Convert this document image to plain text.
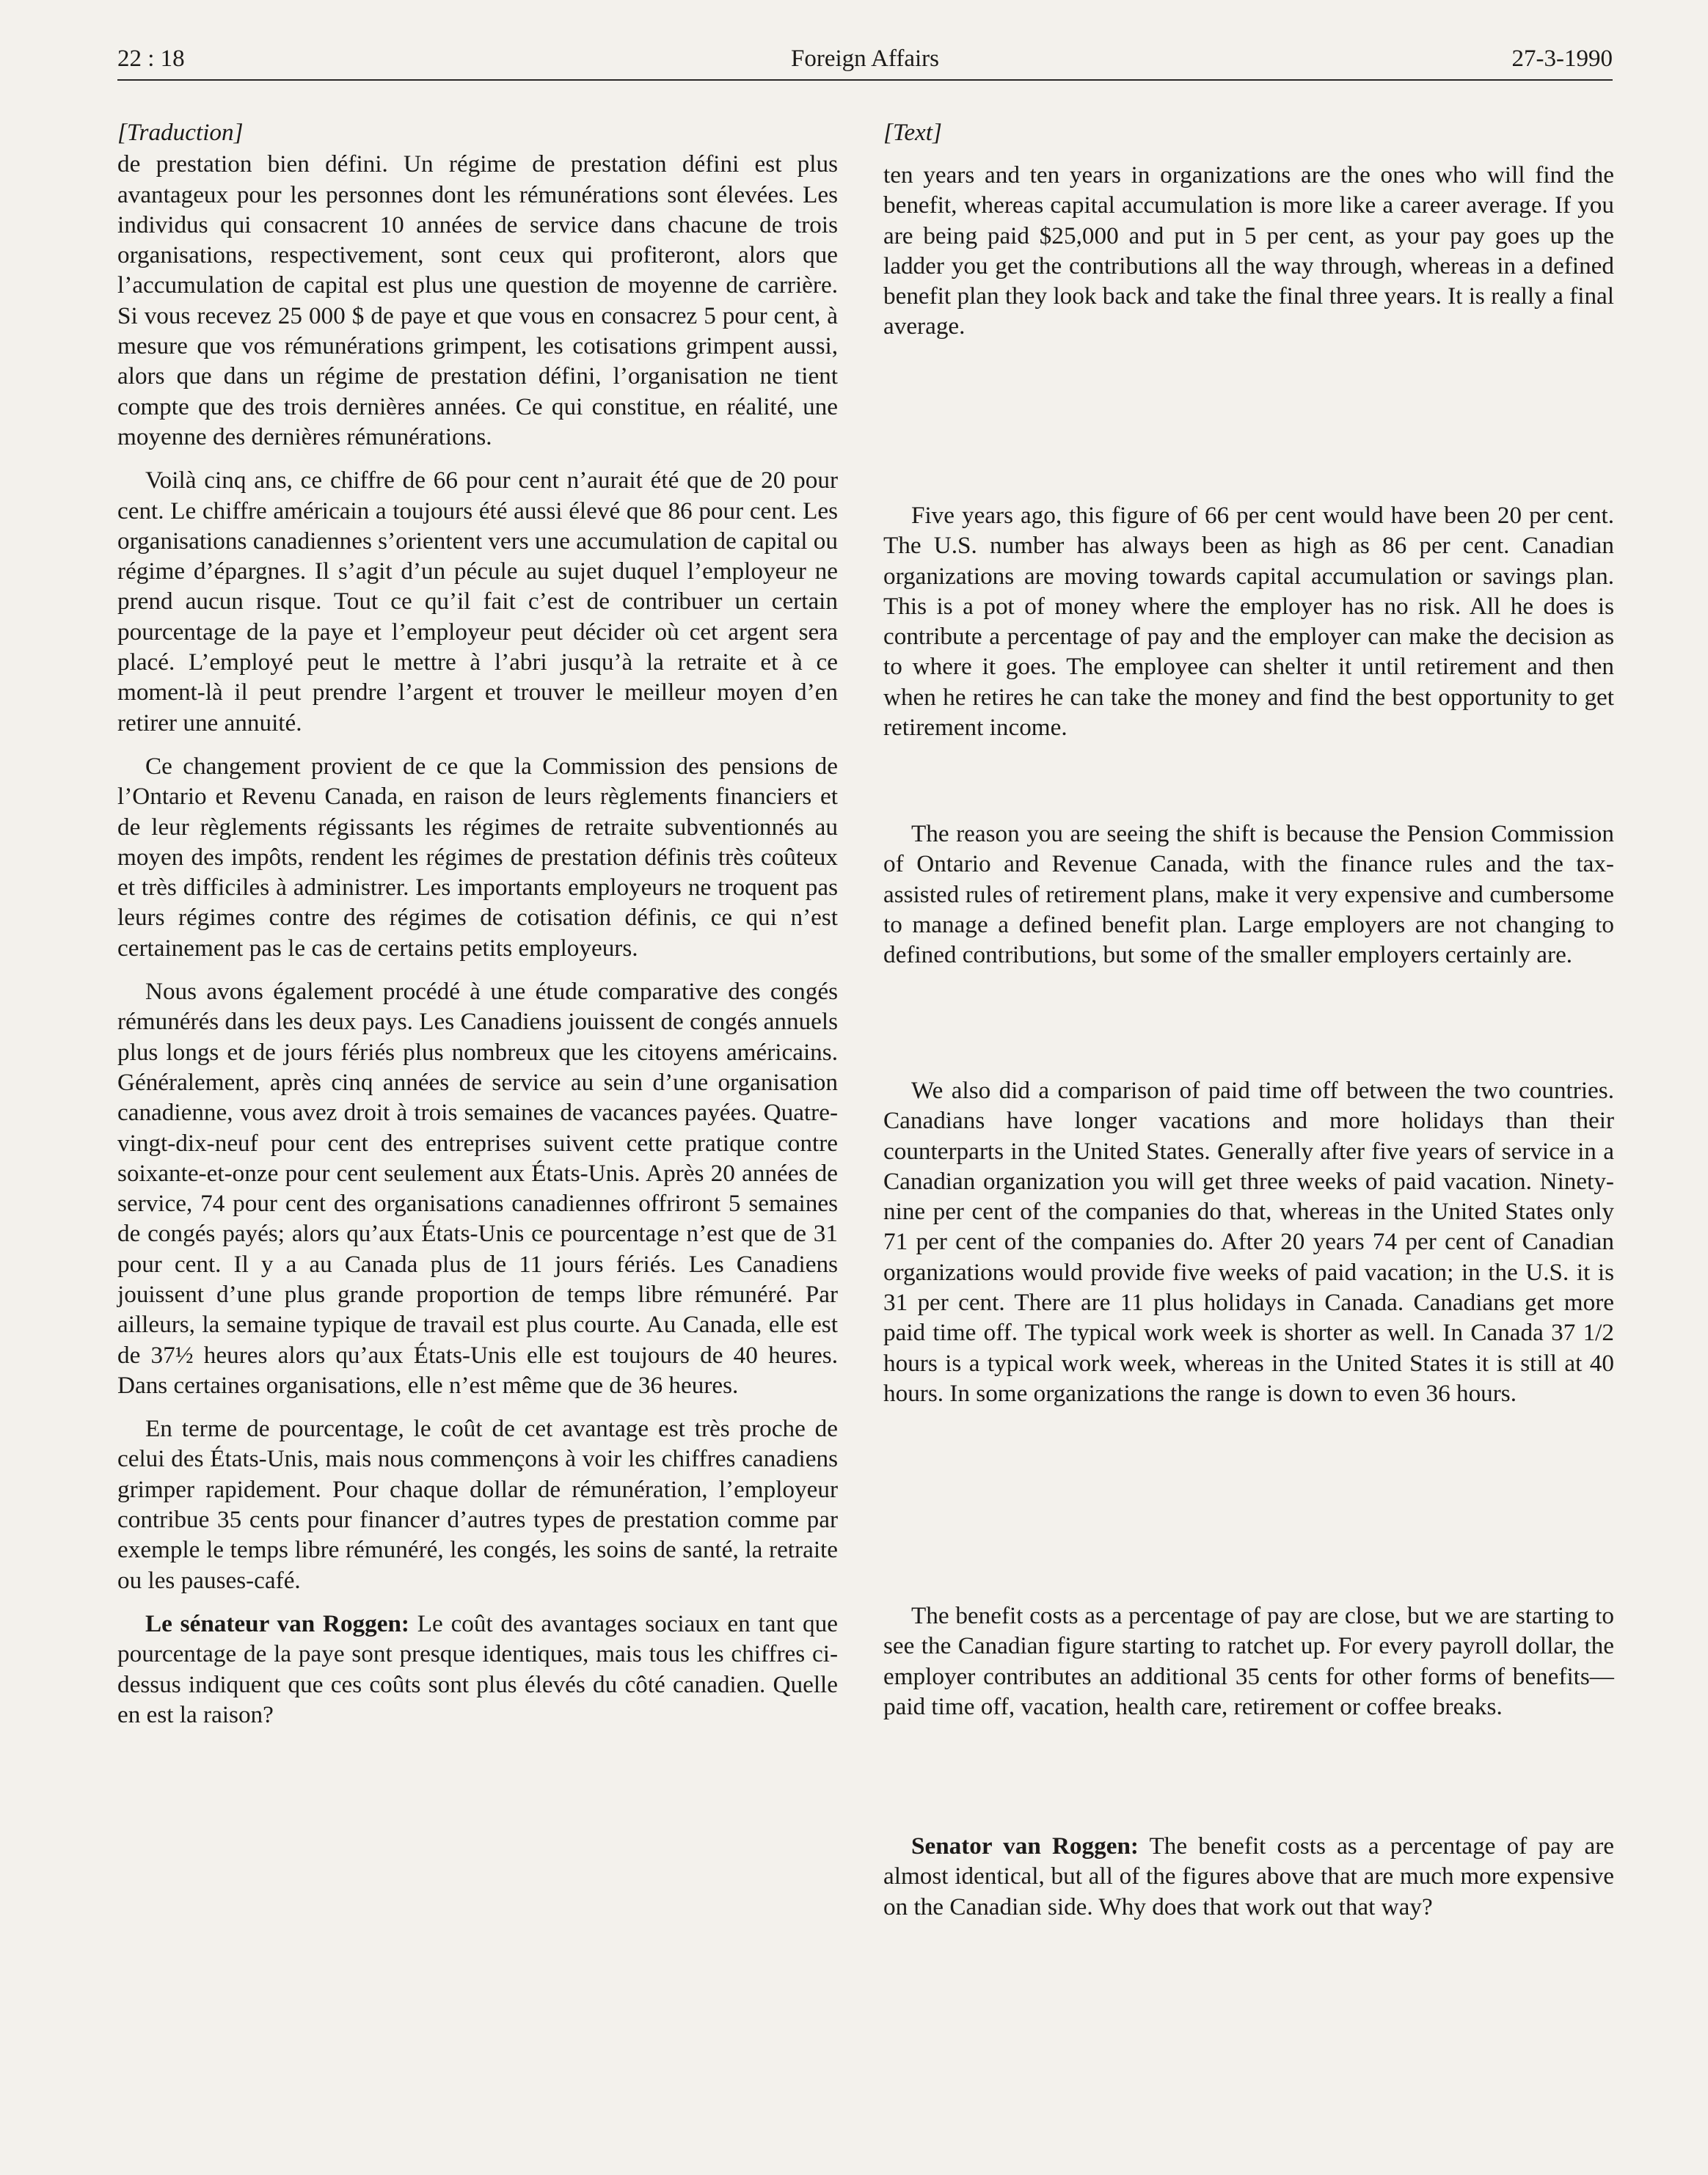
22 : 18	Foreign Affairs	27-3-1990
[Traduction]

de prestation bien défini. Un régime de prestation défini est plus avantageux pour les personnes dont les rémunérations sont élevées. Les individus qui consacrent 10 années de service dans chacune de trois organisations, respectivement, sont ceux qui profiteront, alors que l’accumulation de capital est plus une question de moyenne de carrière. Si vous recevez 25 000 $ de paye et que vous en consacrez 5 pour cent, à mesure que vos rémunérations grimpent, les cotisations grimpent aussi, alors que dans un régime de prestation défini, l’organisation ne tient compte que des trois dernières années. Ce qui constitue, en réalité, une moyenne des dernières rémunérations.

Voilà cinq ans, ce chiffre de 66 pour cent n’aurait été que de 20 pour cent. Le chiffre américain a toujours été aussi élevé que 86 pour cent. Les organisations canadiennes s’orientent vers une accumulation de capital ou régime d’épargnes. Il s’agit d’un pécule au sujet duquel l’employeur ne prend aucun risque. Tout ce qu’il fait c’est de contribuer un certain pourcentage de la paye et l’employeur peut décider où cet argent sera placé. L’employé peut le mettre à l’abri jusqu’à la retraite et à ce moment-là il peut prendre l’argent et trouver le meilleur moyen d’en retirer une annuité.

Ce changement provient de ce que la Commission des pensions de l’Ontario et Revenu Canada, en raison de leurs règlements financiers et de leur règlements régissants les régimes de retraite subventionnés au moyen des impôts, rendent les régimes de prestation définis très coûteux et très difficiles à administrer. Les importants employeurs ne troquent pas leurs régimes contre des régimes de cotisation définis, ce qui n’est certainement pas le cas de certains petits employeurs.

Nous avons également procédé à une étude comparative des congés rémunérés dans les deux pays. Les Canadiens jouissent de congés annuels plus longs et de jours fériés plus nombreux que les citoyens américains. Généralement, après cinq années de service au sein d’une organisation canadienne, vous avez droit à trois semaines de vacances payées. Quatre-vingt-dix-neuf pour cent des entreprises suivent cette pratique contre soixante-et-onze pour cent seulement aux États-Unis. Après 20 années de service, 74 pour cent des organisations canadiennes offriront 5 semaines de congés payés; alors qu’aux États-Unis ce pourcentage n’est que de 31 pour cent. Il y a au Canada plus de 11 jours fériés. Les Canadiens jouissent d’une plus grande proportion de temps libre rémunéré. Par ailleurs, la semaine typique de travail est plus courte. Au Canada, elle est de 37½ heures alors qu’aux États-Unis elle est toujours de 40 heures. Dans certaines organisations, elle n’est même que de 36 heures.

En terme de pourcentage, le coût de cet avantage est très proche de celui des États-Unis, mais nous commençons à voir les chiffres canadiens grimper rapidement. Pour chaque dollar de rémunération, l’employeur contribue 35 cents pour financer d’autres types de prestation comme par exemple le temps libre rémunéré, les congés, les soins de santé, la retraite ou les pauses-café.

Le sénateur van Roggen: Le coût des avantages sociaux en tant que pourcentage de la paye sont presque identiques, mais tous les chiffres ci-dessus indiquent que ces coûts sont plus élevés du côté canadien. Quelle en est la raison?

[Text]

ten years and ten years in organizations are the ones who will find the benefit, whereas capital accumulation is more like a career average. If you are being paid $25,000 and put in 5 per cent, as your pay goes up the ladder you get the contributions all the way through, whereas in a defined benefit plan they look back and take the final three years. It is really a final average.

Five years ago, this figure of 66 per cent would have been 20 per cent. The U.S. number has always been as high as 86 per cent. Canadian organizations are moving towards capital accumulation or savings plan. This is a pot of money where the employer has no risk. All he does is contribute a percentage of pay and the employer can make the decision as to where it goes. The employee can shelter it until retirement and then when he retires he can take the money and find the best opportunity to get retirement income.

The reason you are seeing the shift is because the Pension Commission of Ontario and Revenue Canada, with the finance rules and the tax-assisted rules of retirement plans, make it very expensive and cumbersome to manage a defined benefit plan. Large employers are not changing to defined contributions, but some of the smaller employers certainly are.

We also did a comparison of paid time off between the two countries. Canadians have longer vacations and more holidays than their counterparts in the United States. Generally after five years of service in a Canadian organization you will get three weeks of paid vacation. Ninety-nine per cent of the companies do that, whereas in the United States only 71 per cent of the companies do. After 20 years 74 per cent of Canadian organizations would provide five weeks of paid vacation; in the U.S. it is 31 per cent. There are 11 plus holidays in Canada. Canadians get more paid time off. The typical work week is shorter as well. In Canada 37 1/2 hours is a typical work week, whereas in the United States it is still at 40 hours. In some organizations the range is down to even 36 hours.

The benefit costs as a percentage of pay are close, but we are starting to see the Canadian figure starting to ratchet up. For every payroll dollar, the employer contributes an additional 35 cents for other forms of benefits—paid time off, vacation, health care, retirement or coffee breaks.

Senator van Roggen: The benefit costs as a percentage of pay are almost identical, but all of the figures above that are much more expensive on the Canadian side. Why does that work out that way?
